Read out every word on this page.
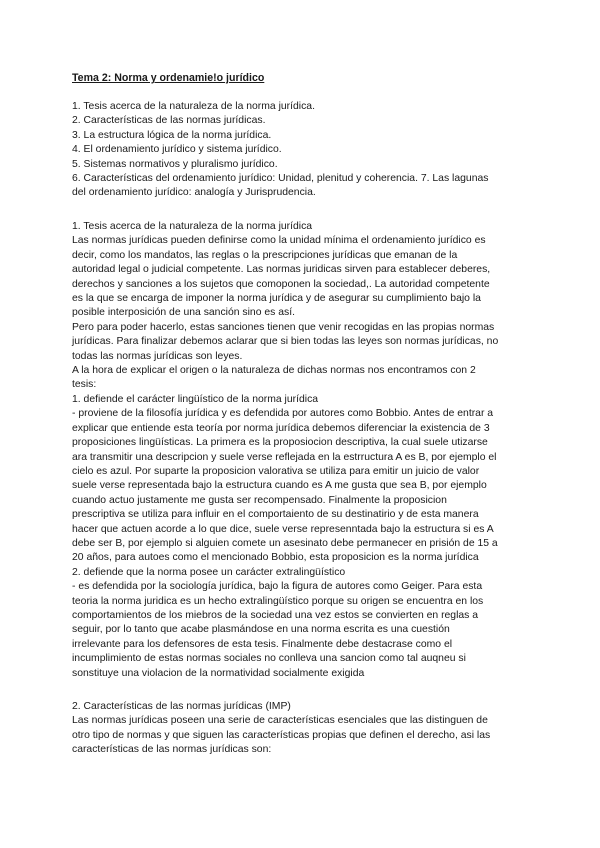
Tema 2: Norma y ordenamie!o jurídico
1. Tesis acerca de la naturaleza de la norma jurídica.
2. Características de las normas jurídicas.
3. La estructura lógica de la norma jurídica.
4. El ordenamiento jurídico y sistema jurídico.
5. Sistemas normativos y pluralismo jurídico.
6. Características del ordenamiento jurídico: Unidad, plenitud y coherencia. 7. Las lagunas
del ordenamiento jurídico: analogía y Jurisprudencia.
1. Tesis acerca de la naturaleza de la norma jurídica
Las normas jurídicas pueden definirse como la unidad mínima el ordenamiento jurídico es
decir, como los mandatos, las reglas o la prescripciones jurídicas que emanan de la
autoridad legal o judicial competente. Las normas juridicas sirven para establecer deberes,
derechos y sanciones a los sujetos que comoponen la sociedad,. La autoridad competente
es la que se encarga de imponer la norma jurídica y de asegurar su cumplimiento bajo la
posible interposición de una sanción sino es así.
Pero para poder hacerlo, estas sanciones tienen que venir recogidas en las propias normas
jurídicas. Para finalizar debemos aclarar que si bien todas las leyes son normas jurídicas, no
todas las normas jurídicas son leyes.
A la hora de explicar el origen o la naturaleza de dichas normas nos encontramos con 2
tesis:
1. defiende el carácter lingüístico de la norma jurídica
- proviene de la filosofía jurídica y es defendida por autores como Bobbio. Antes de entrar a
explicar que entiende esta teoría por norma jurídica debemos diferenciar la existencia de 3
proposiciones lingüísticas. La primera es la proposiocion descriptiva, la cual suele utizarse
ara transmitir una descripcion y suele verse reflejada en la estrructura A es B, por ejemplo el
cielo es azul. Por suparte la proposicion valorativa se utiliza para emitir un juicio de valor
suele verse representada bajo la estructura cuando es A me gusta que sea B, por ejemplo
cuando actuo justamente me gusta ser recompensado. Finalmente la proposicion
prescriptiva se utiliza para influir en el comportaiento de su destinatirio y de esta manera
hacer que actuen acorde a lo que dice, suele verse represenntada bajo la estructura si es A
debe ser B, por ejemplo si alguien comete un asesinato debe permanecer en prisión de 15 a
20 años, para autoes como el mencionado Bobbio, esta proposicion es la norma jurídica
2. defiende que la norma posee un carácter extralingüístico
- es defendida por la sociología jurídica, bajo la figura de autores como Geiger. Para esta
teoria la norma juridica es un hecho extralingüístico porque su origen se encuentra en los
comportamientos de los miebros de la sociedad una vez estos se convierten en reglas a
seguir, por lo tanto que acabe plasmándose en una norma escrita es una cuestión
irrelevante para los defensores de esta tesis. Finalmente debe destacrase como el
incumplimiento de estas normas sociales no conlleva una sancion como tal auqneu si
sonstituye una violacion de la normatividad socialmente exigida
2. Características de las normas jurídicas (IMP)
Las normas jurídicas poseen una serie de características esenciales que las distinguen de
otro tipo de normas y que siguen las características propias que definen el derecho, asi las
características de las normas jurídicas son:
